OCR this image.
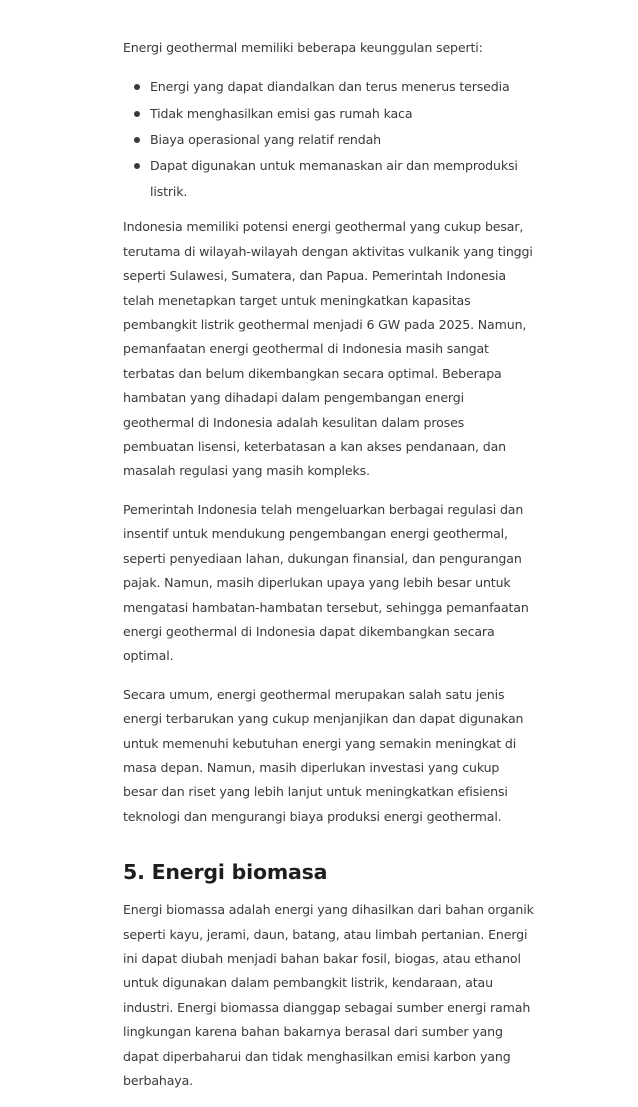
Energi geothermal memiliki beberapa keunggulan seperti:

Energi yang dapat diandalkan dan terus menerus tersedia
Tidak menghasilkan emisi gas rumah kaca
Biaya operasional yang relatif rendah
Dapat digunakan untuk memanaskan air dan memproduksi listrik.

Indonesia memiliki potensi energi geothermal yang cukup besar, terutama di wilayah-wilayah dengan aktivitas vulkanik yang tinggi seperti Sulawesi, Sumatera, dan Papua. Pemerintah Indonesia telah menetapkan target untuk meningkatkan kapasitas pembangkit listrik geothermal menjadi 6 GW pada 2025. Namun, pemanfaatan energi geothermal di Indonesia masih sangat terbatas dan belum dikembangkan secara optimal. Beberapa hambatan yang dihadapi dalam pengembangan energi geothermal di Indonesia adalah kesulitan dalam proses pembuatan lisensi, keterbatasan a kan akses pendanaan, dan masalah regulasi yang masih kompleks.

Pemerintah Indonesia telah mengeluarkan berbagai regulasi dan insentif untuk mendukung pengembangan energi geothermal, seperti penyediaan lahan, dukungan finansial, dan pengurangan pajak. Namun, masih diperlukan upaya yang lebih besar untuk mengatasi hambatan-hambatan tersebut, sehingga pemanfaatan energi geothermal di Indonesia dapat dikembangkan secara optimal.

Secara umum, energi geothermal merupakan salah satu jenis energi terbarukan yang cukup menjanjikan dan dapat digunakan untuk memenuhi kebutuhan energi yang semakin meningkat di masa depan. Namun, masih diperlukan investasi yang cukup besar dan riset yang lebih lanjut untuk meningkatkan efisiensi teknologi dan mengurangi biaya produksi energi geothermal.

5. Energi biomasa

Energi biomassa adalah energi yang dihasilkan dari bahan organik seperti kayu, jerami, daun, batang, atau limbah pertanian. Energi ini dapat diubah menjadi bahan bakar fosil, biogas, atau ethanol untuk digunakan dalam pembangkit listrik, kendaraan, atau industri. Energi biomassa dianggap sebagai sumber energi ramah lingkungan karena bahan bakarnya berasal dari sumber yang dapat diperbaharui dan tidak menghasilkan emisi karbon yang berbahaya.
